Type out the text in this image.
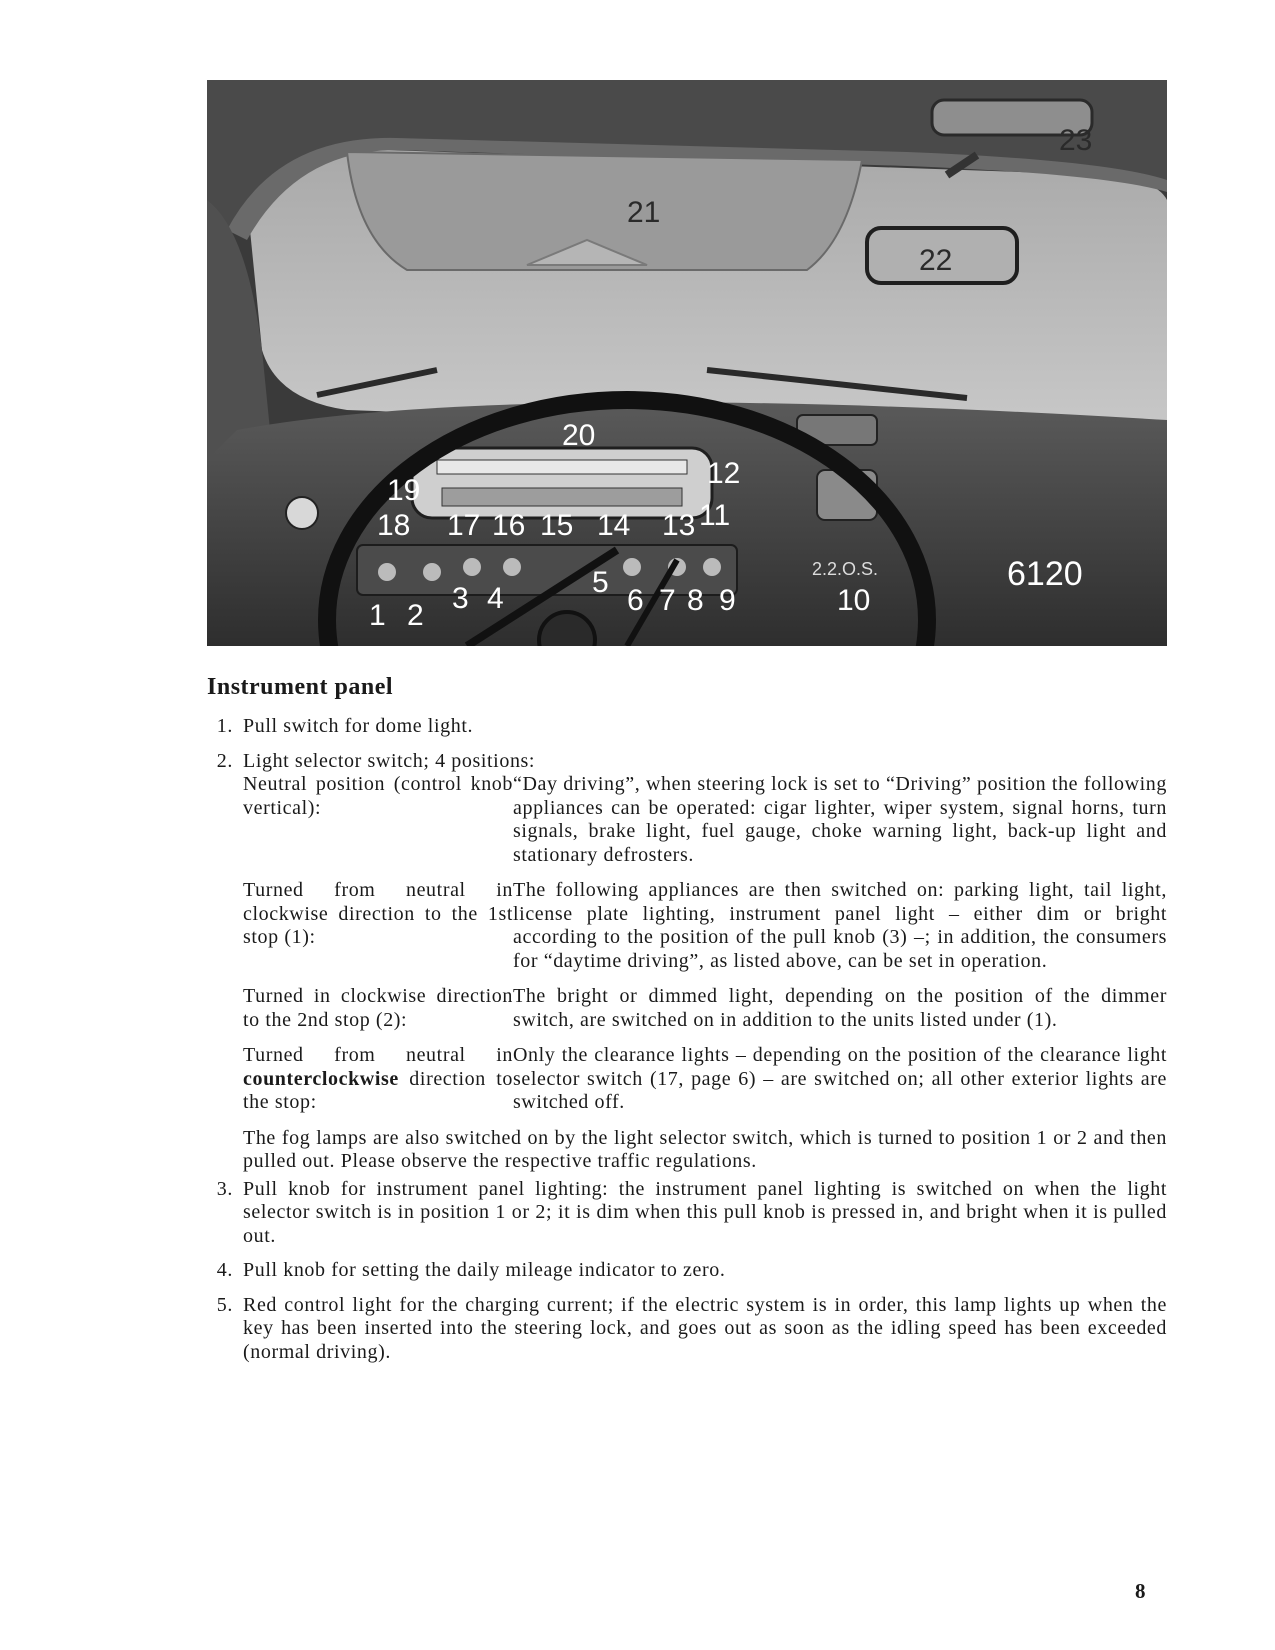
2.2.O.S.
21
22
23
20
19
18 17 16 15 14 13
12
11
1 2
3 4	5
6 7 8 9	10
6120
Instrument panel
1. Pull switch for dome light.

2. Light selector switch; 4 positions:

Neutral position (control knob vertical):

“Day driving”, when steering lock is set to “Driving” position the following appliances can be operated: cigar lighter, wiper system, signal horns, turn signals, brake light, fuel gauge, choke warning light, back-up light and stationary defrosters.

Turned from neutral in clockwise direction to the 1st stop (1):

The following appliances are then switched on: parking light, tail light, license plate lighting, instrument panel light – either dim or bright according to the position of the pull knob (3) –; in addition, the consumers for “daytime driving”, as listed above, can be set in operation.

Turned in clockwise direction to the 2nd stop (2):

The bright or dimmed light, depending on the position of the dimmer switch, are switched on in addition to the units listed under (1).

Turned from neutral in counterclockwise direction to the stop:

Only the clearance lights – depending on the position of the clearance light selector switch (17, page 6) – are switched on; all other exterior lights are switched off.

The fog lamps are also switched on by the light selector switch, which is turned to position 1 or 2 and then pulled out. Please observe the respective traffic regulations.

3. Pull knob for instrument panel lighting: the instrument panel lighting is switched on when the light selector switch is in position 1 or 2; it is dim when this pull knob is pressed in, and bright when it is pulled out.

4. Pull knob for setting the daily mileage indicator to zero.

5. Red control light for the charging current; if the electric system is in order, this lamp lights up when the key has been inserted into the steering lock, and goes out as soon as the idling speed has been exceeded (normal driving).

8
